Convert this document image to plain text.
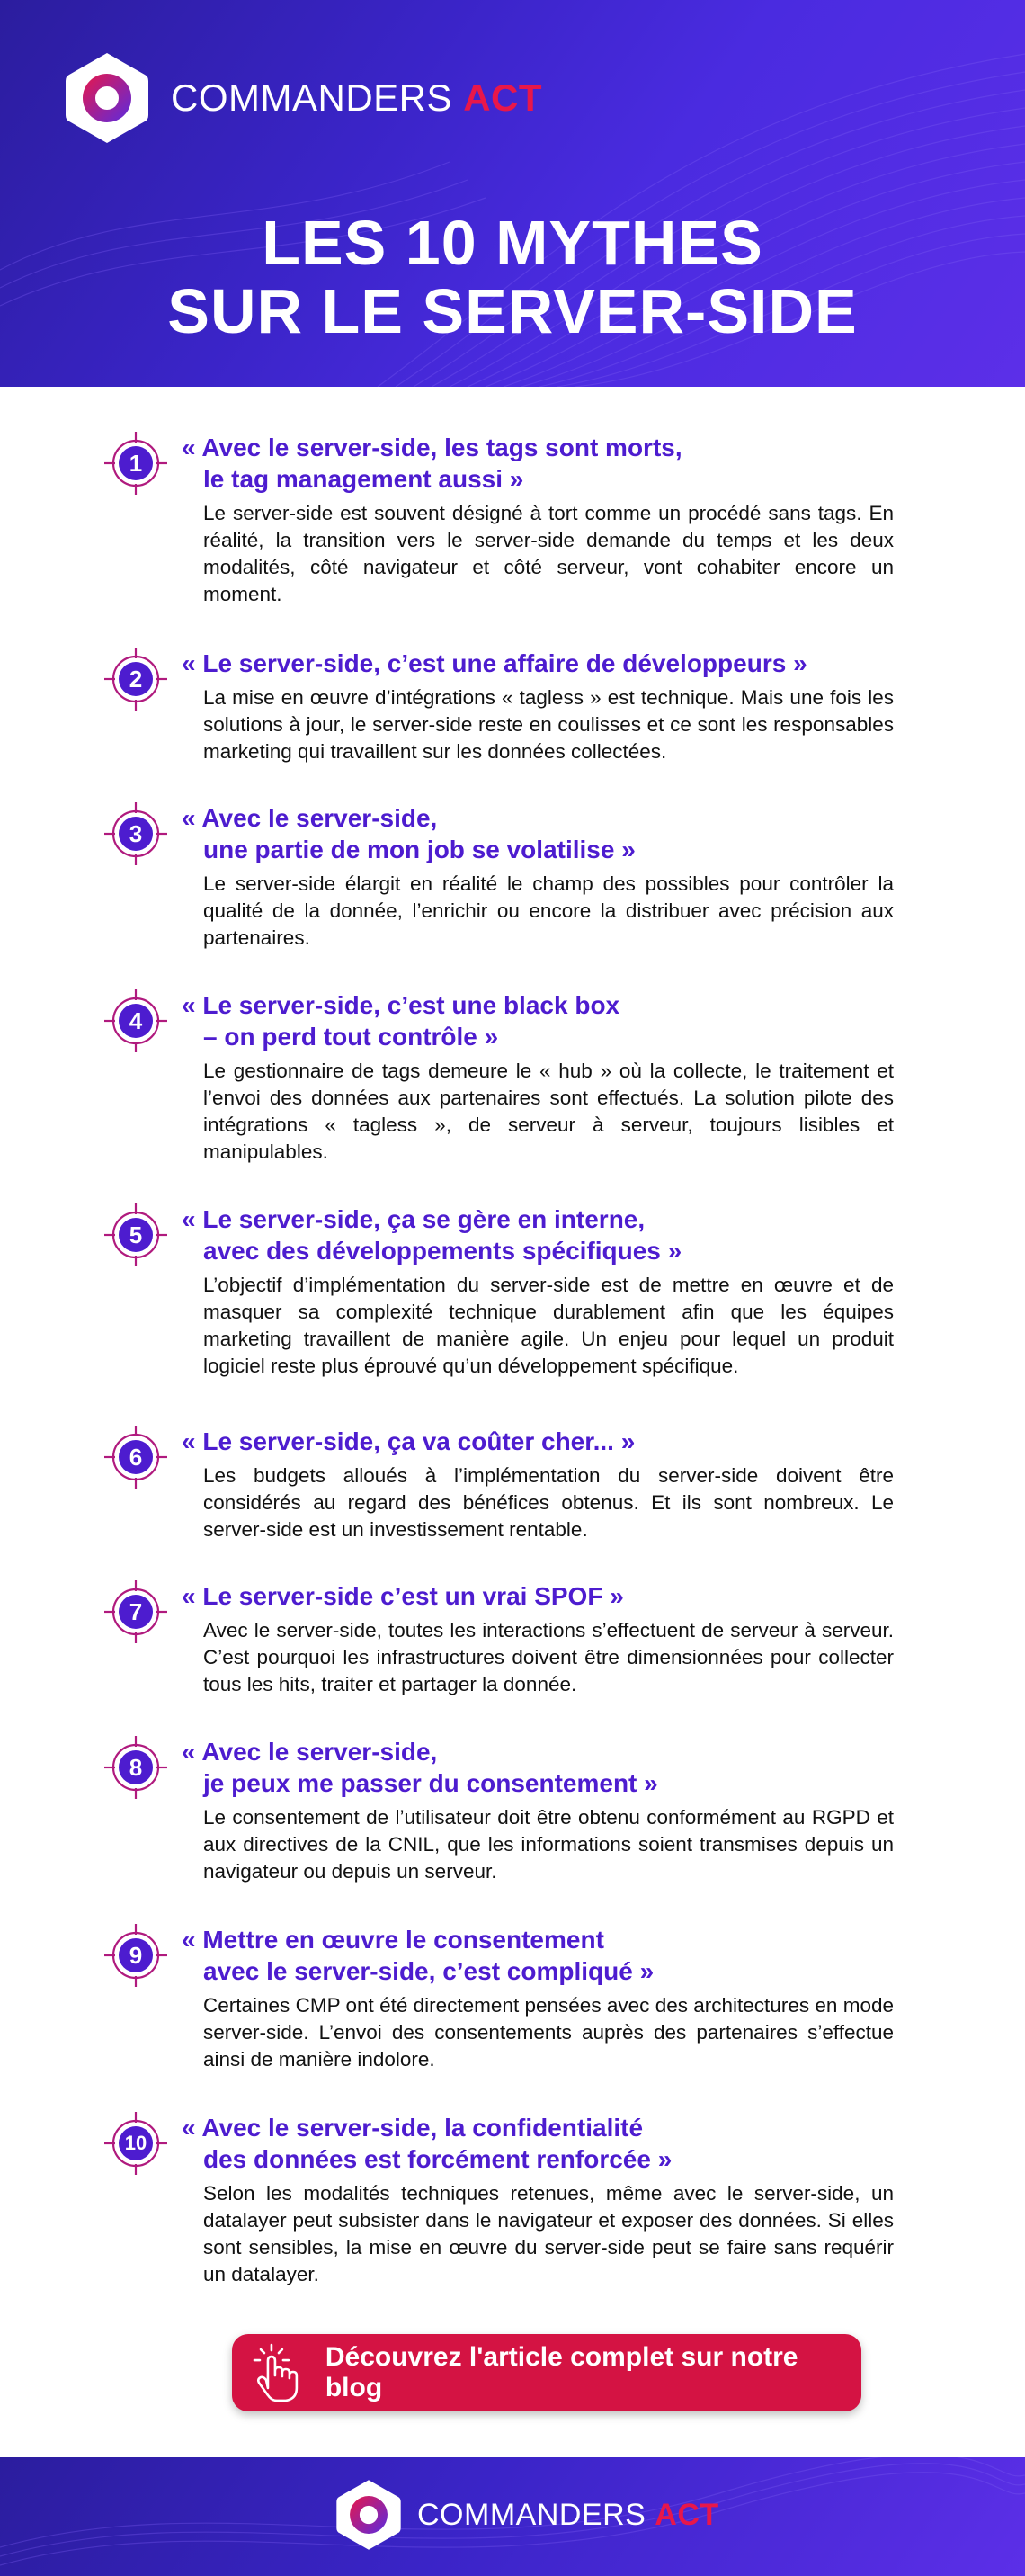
COMMANDERS ACT
LES 10 MYTHES
SUR LE SERVER-SIDE
1
« Avec le server-side, les tags sont morts,
le tag management aussi »
Le server-side est souvent désigné à tort comme un procédé sans tags. En réalité, la transition vers le server-side demande du temps et les deux modalités, côté navigateur et côté serveur, vont cohabiter encore un moment.
2
« Le server-side, c’est une affaire de développeurs »
La mise en œuvre d’intégrations « tagless » est technique. Mais une fois les solutions à jour, le server-side reste en coulisses et ce sont les responsables marketing qui travaillent sur les données collectées.
3
« Avec le server-side,
une partie de mon job se volatilise »
Le server-side élargit en réalité le champ des possibles pour contrôler la qualité de la donnée, l’enrichir ou encore la distribuer avec précision aux partenaires.
4
« Le server-side, c’est une black box
– on perd tout contrôle »
Le gestionnaire de tags demeure le « hub » où la collecte, le traitement et l’envoi des données aux partenaires sont effectués. La solution pilote des intégrations « tagless », de serveur à serveur, toujours lisibles et manipulables.
5
« Le server-side, ça se gère en interne,
avec des développements spécifiques »
L’objectif d’implémentation du server-side est de mettre en œuvre et de masquer sa complexité technique durablement afin que les équipes marketing travaillent de manière agile. Un enjeu pour lequel un produit logiciel reste plus éprouvé qu’un développement spécifique.
6
« Le server-side, ça va coûter cher... »
Les budgets alloués à l’implémentation du server-side doivent être considérés au regard des bénéfices obtenus. Et ils sont nombreux. Le server-side est un investissement rentable.
7
« Le server-side c’est un vrai SPOF »
Avec le server-side, toutes les interactions s’effectuent de serveur à serveur. C’est pourquoi les infrastructures doivent être dimensionnées pour collecter tous les hits, traiter et partager la donnée.
8
« Avec le server-side,
je peux me passer du consentement »
Le consentement de l’utilisateur doit être obtenu conformément au RGPD et aux directives de la CNIL, que les informations soient transmises depuis un navigateur ou depuis un serveur.
9
« Mettre en œuvre le consentement
avec le server-side, c’est compliqué »
Certaines CMP ont été directement pensées avec des architectures en mode server-side. L’envoi des consentements auprès des partenaires s’effectue ainsi de manière indolore.
10
« Avec le server-side, la confidentialité
des données est forcément renforcée »
Selon les modalités techniques retenues, même avec le server-side, un datalayer peut subsister dans le navigateur et exposer des données. Si elles sont sensibles, la mise en œuvre du server-side peut se faire sans requérir un datalayer.
Découvrez l'article complet sur notre blog
COMMANDERS ACT
